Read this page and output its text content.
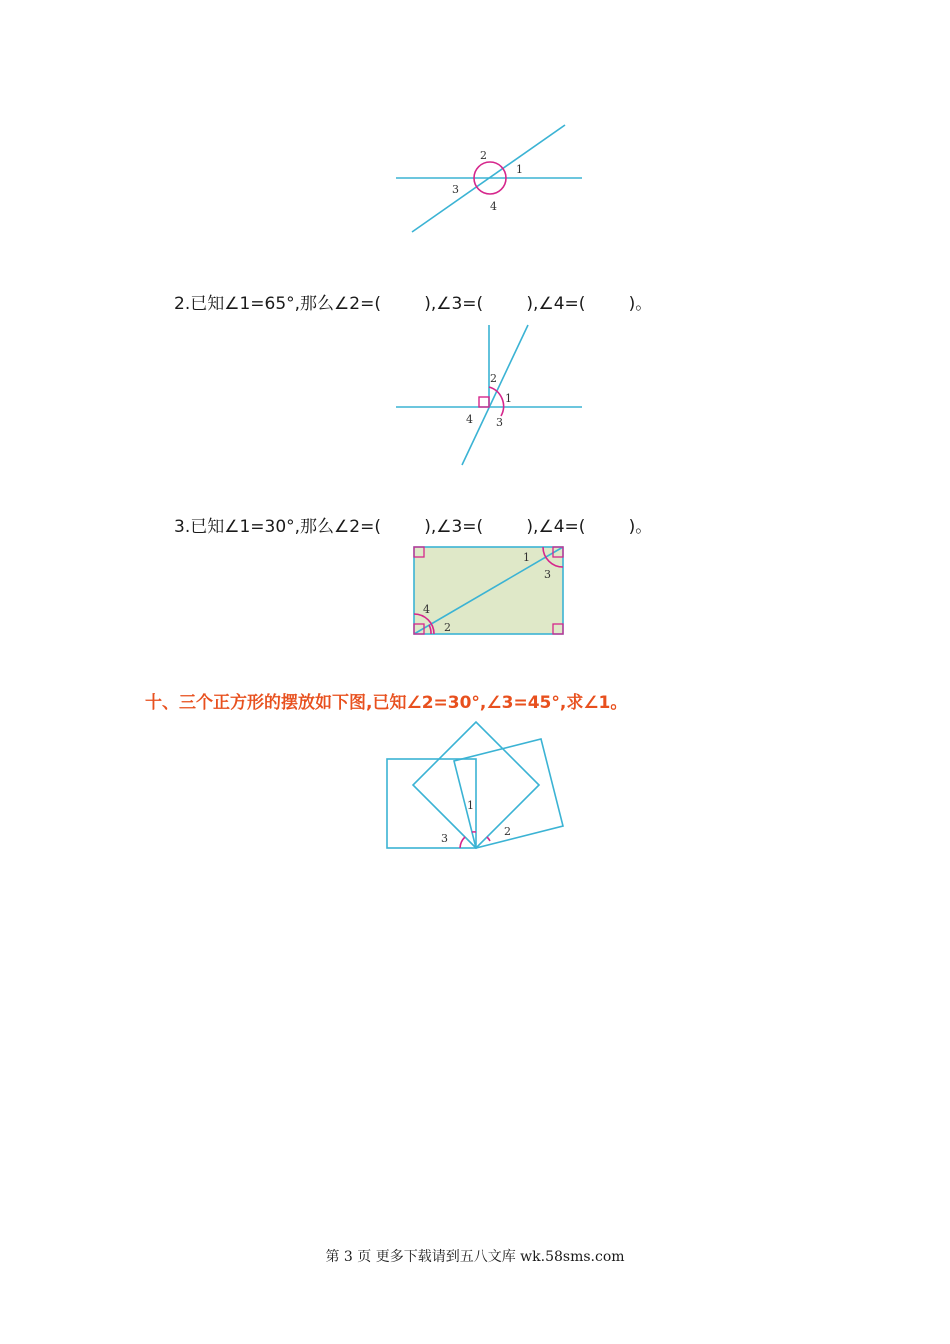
2
1
3
4
2.已知∠1=65°,那么∠2=(        ),∠3=(        ),∠4=(        )。
2
1
4 3
3.已知∠1=30°,那么∠2=(        ),∠3=(        ),∠4=(        )。
1
3
4
2
十、三个正方形的摆放如下图,已知∠2=30°,∠3=45°,求∠1。
1
3
2
第 3 页 更多下载请到五八文库 wk.58sms.com
